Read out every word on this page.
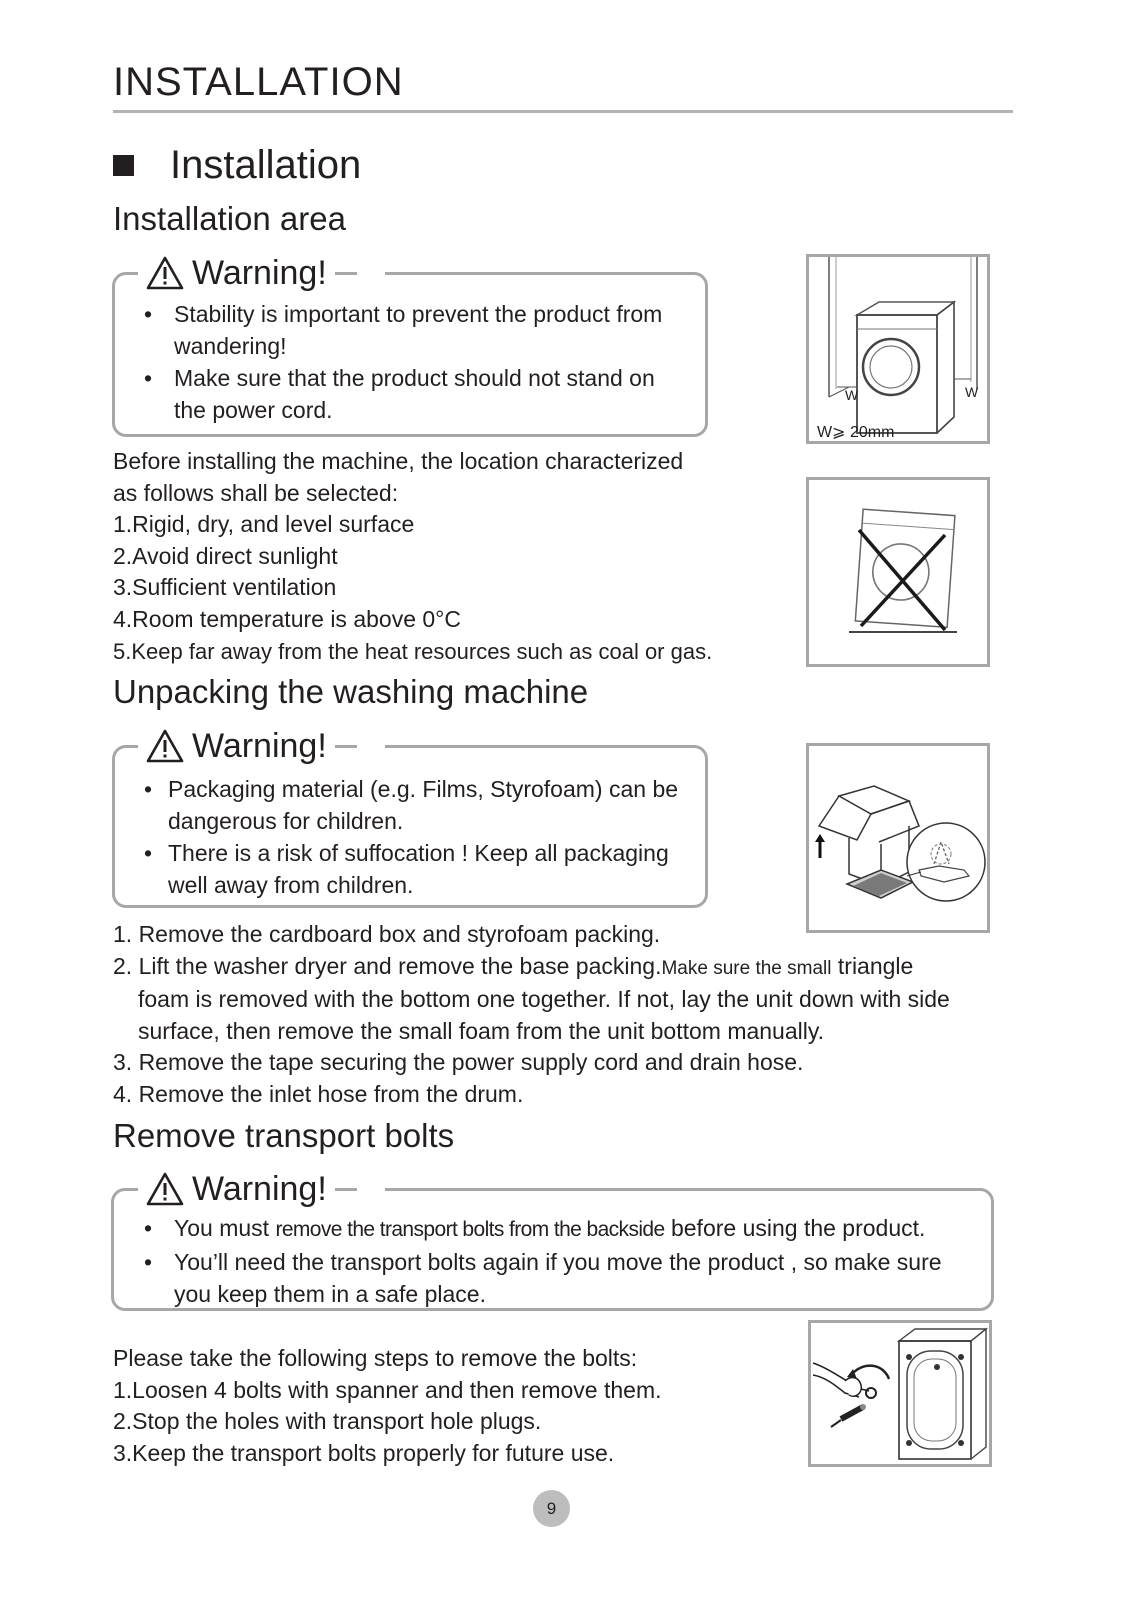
INSTALLATION
Installation
Installation area
Warning!
• Stability is important to prevent the product from
wandering!
• Make sure that the product should not stand on
the power cord.
Before installing the machine, the location characterized
as follows shall be selected:
1.Rigid, dry, and level surface
2.Avoid direct sunlight
3.Sufficient ventilation
4.Room temperature is above 0°C
5.Keep far away from the heat resources such as coal or gas.
W	W
W⩾ 20mm
Unpacking the washing machine
Warning!
• Packaging material (e.g. Films, Styrofoam) can be
dangerous for children.
• There is a risk of suffocation ! Keep all packaging
well away from children.
1. Remove the cardboard box and styrofoam packing.
2. Lift the washer dryer and remove the base packing.Make sure the small triangle
foam is removed with the bottom one together. If not, lay the unit down with side
surface, then remove the small foam from the unit bottom manually.
3. Remove the tape securing the power supply cord and drain hose.
4. Remove the inlet hose from the drum.
Remove transport bolts
Warning!
• You must remove the transport bolts from the backside before using the product.
• You’ll need the transport bolts again if you move the product , so make sure
you keep them in a safe place.
Please take the following steps to remove the bolts:
1.Loosen 4 bolts with spanner and then remove them.
2.Stop the holes with transport hole plugs.
3.Keep the transport bolts properly for future use.
9
